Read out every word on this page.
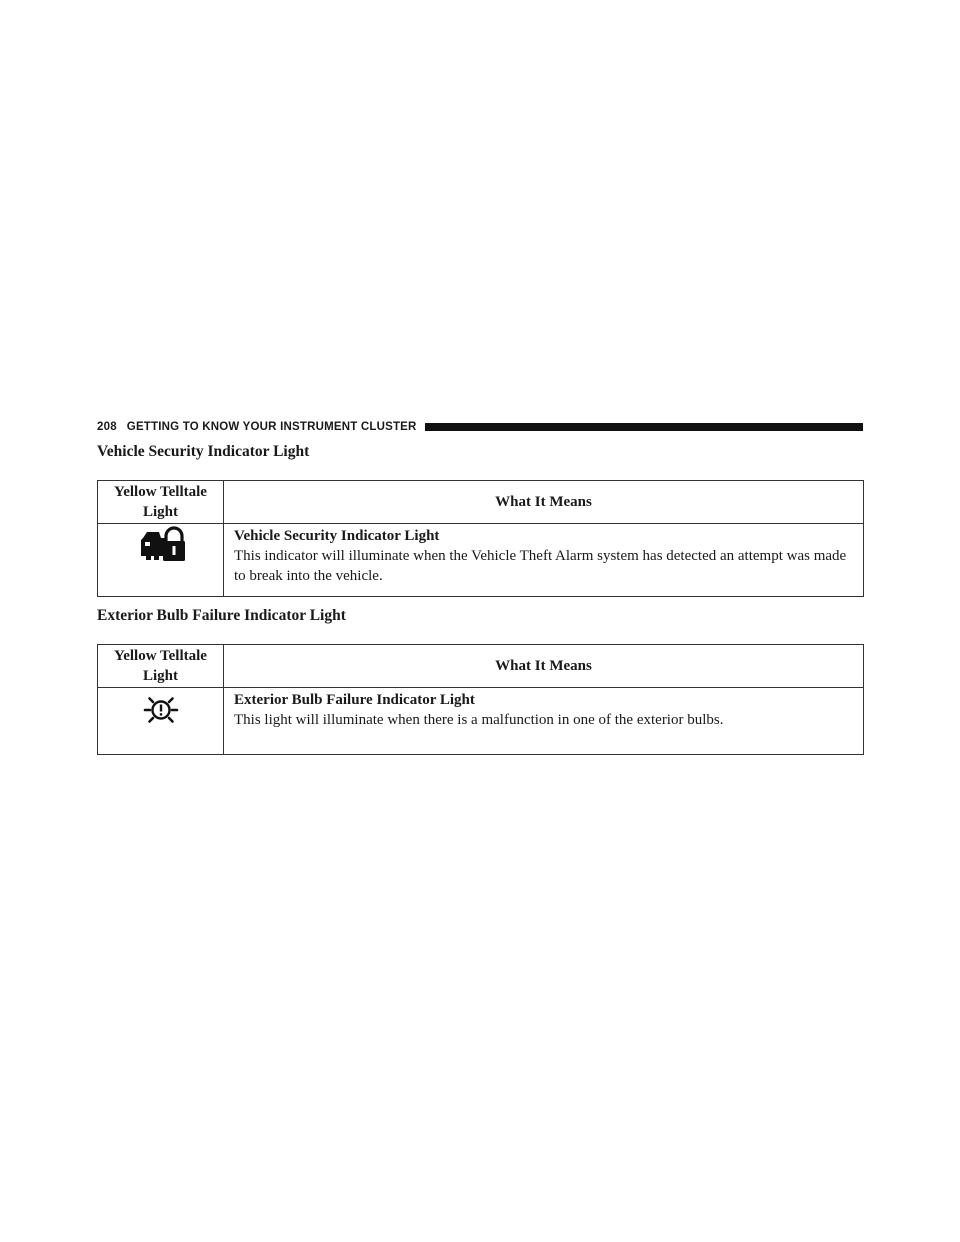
208 GETTING TO KNOW YOUR INSTRUMENT CLUSTER
Vehicle Security Indicator Light
Yellow Telltale Light	What It Means

Vehicle Security Indicator Light
This indicator will illuminate when the Vehicle Theft Alarm system has detected an attempt was made to break into the vehicle.
Exterior Bulb Failure Indicator Light
Yellow Telltale Light	What It Means

Exterior Bulb Failure Indicator Light
This light will illuminate when there is a malfunction in one of the exterior bulbs.
